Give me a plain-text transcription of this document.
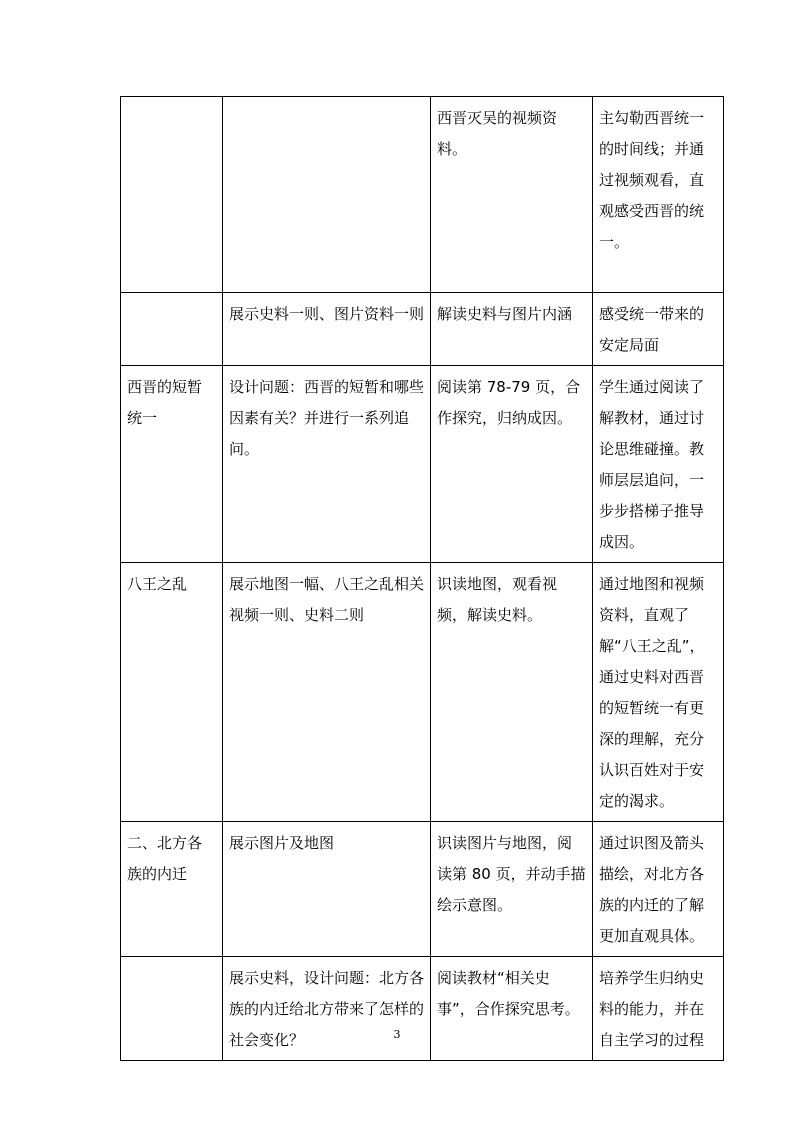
		西晋灭吴的视频资料。	主勾勒西晋统一的时间线；并通过视频观看，直观感受西晋的统一。
	展示史料一则、图片资料一则	解读史料与图片内涵	感受统一带来的安定局面
西晋的短暂统一	设计问题：西晋的短暂和哪些因素有关？并进行一系列追问。	阅读第 78-79 页，合作探究，归纳成因。	学生通过阅读了解教材，通过讨论思维碰撞。教师层层追问，一步步搭梯子推导成因。
八王之乱	展示地图一幅、八王之乱相关视频一则、史料二则	识读地图，观看视频，解读史料。	通过地图和视频资料，直观了解“八王之乱”，通过史料对西晋的短暂统一有更深的理解，充分认识百姓对于安定的渴求。
二、北方各族的内迁	展示图片及地图	识读图片与地图，阅读第 80 页，并动手描绘示意图。	通过识图及箭头描绘，对北方各族的内迁的了解更加直观具体。
	展示史料，设计问题：北方各族的内迁给北方带来了怎样的社会变化？	阅读教材“相关史事”，合作探究思考。	培养学生归纳史料的能力，并在自主学习的过程
3
